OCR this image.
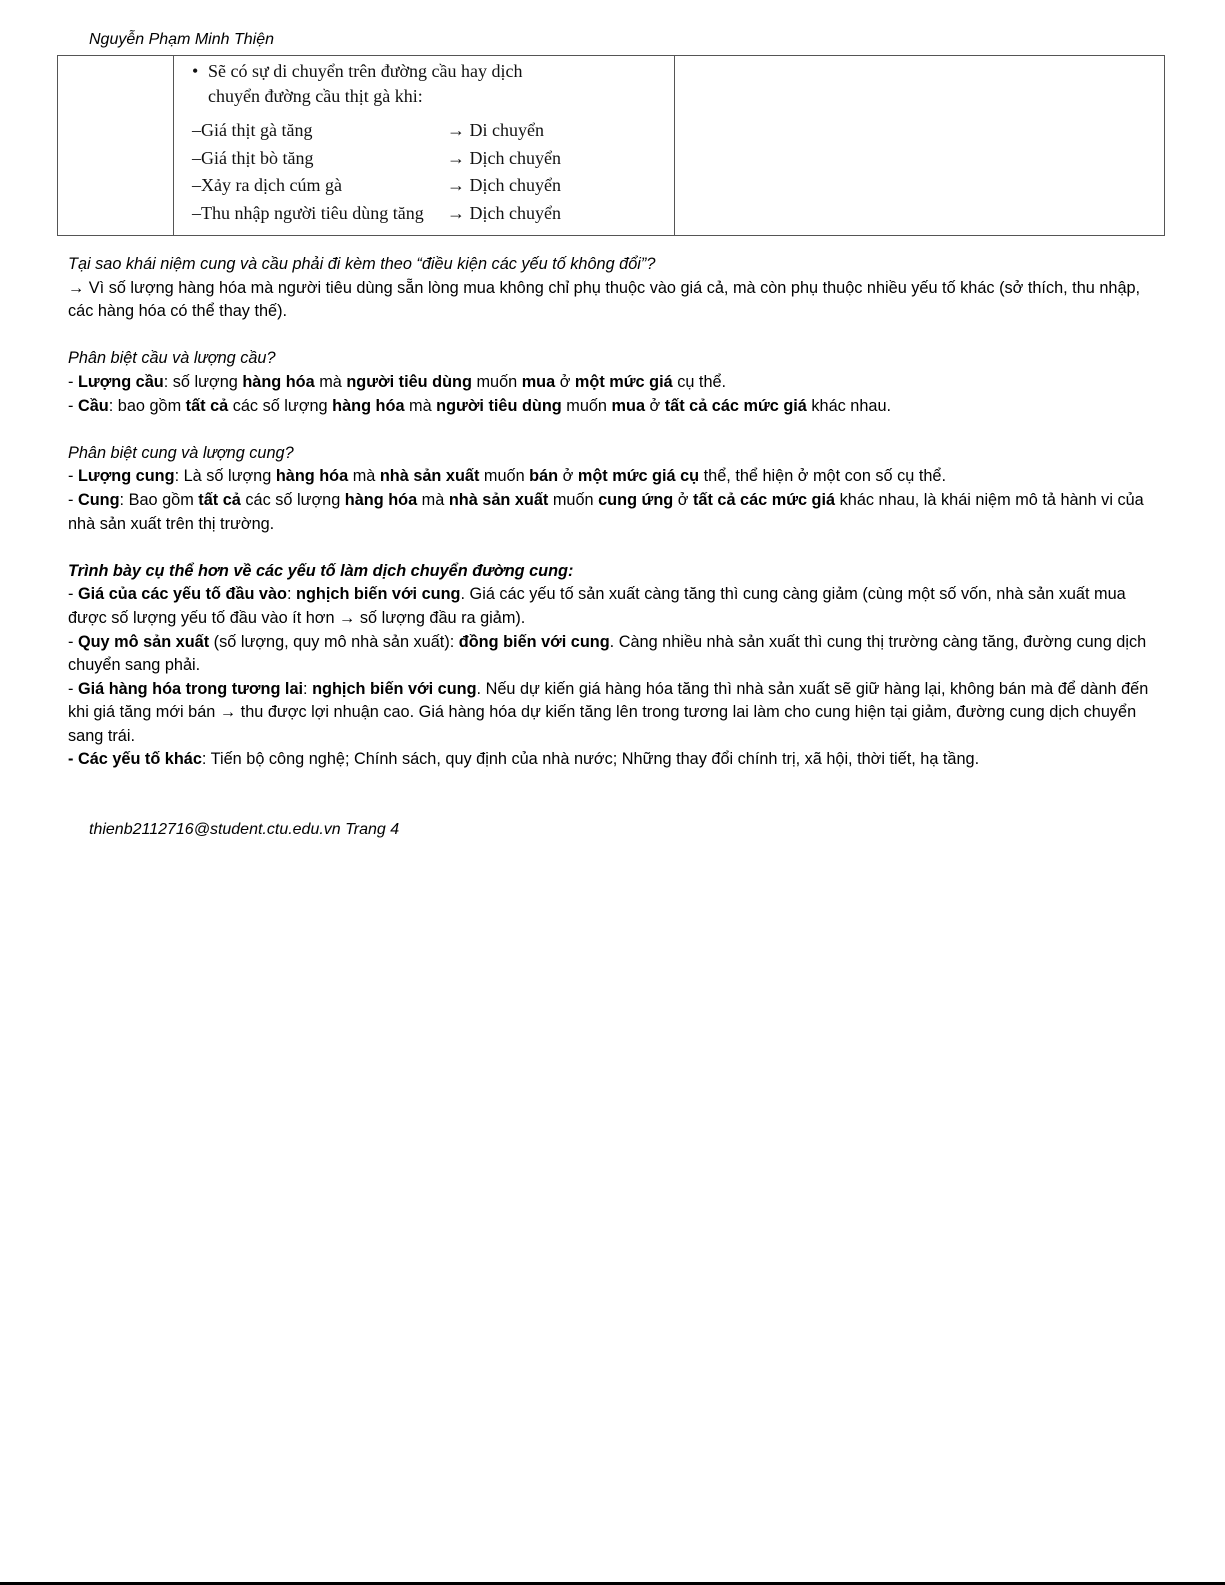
Nguyễn Phạm Minh Thiện

• Sẽ có sự di chuyển trên đường cầu hay dịch
chuyển đường cầu thịt gà khi:
–Giá thịt gà tăng	→ Di chuyển
–Giá thịt bò tăng	→ Dịch chuyển
–Xảy ra dịch cúm gà	→ Dịch chuyển
–Thu nhập người tiêu dùng tăng	→ Dịch chuyển

Tại sao khái niệm cung và cầu phải đi kèm theo “điều kiện các yếu tố không đổi”?

→ Vì số lượng hàng hóa mà người tiêu dùng sẵn lòng mua không chỉ phụ thuộc vào giá cả, mà còn phụ thuộc nhiều yếu tố khác (sở thích, thu nhập, các hàng hóa có thể thay thế).

Phân biệt cầu và lượng cầu?

- Lượng cầu: số lượng hàng hóa mà người tiêu dùng muốn mua ở một mức giá cụ thể.

- Cầu: bao gồm tất cả các số lượng hàng hóa mà người tiêu dùng muốn mua ở tất cả các mức giá khác nhau.

Phân biệt cung và lượng cung?

- Lượng cung: Là số lượng hàng hóa mà nhà sản xuất muốn bán ở một mức giá cụ thể, thể hiện ở một con số cụ thể.

- Cung: Bao gồm tất cả các số lượng hàng hóa mà nhà sản xuất muốn cung ứng ở tất cả các mức giá khác nhau, là khái niệm mô tả hành vi của nhà sản xuất trên thị trường.

Trình bày cụ thể hơn về các yếu tố làm dịch chuyển đường cung:

- Giá của các yếu tố đầu vào: nghịch biến với cung. Giá các yếu tố sản xuất càng tăng thì cung càng giảm (cùng một số vốn, nhà sản xuất mua được số lượng yếu tố đầu vào ít hơn → số lượng đầu ra giảm).

- Quy mô sản xuất (số lượng, quy mô nhà sản xuất): đồng biến với cung. Càng nhiều nhà sản xuất thì cung thị trường càng tăng, đường cung dịch chuyển sang phải.

- Giá hàng hóa trong tương lai: nghịch biến với cung. Nếu dự kiến giá hàng hóa tăng thì nhà sản xuất sẽ giữ hàng lại, không bán mà để dành đến khi giá tăng mới bán → thu được lợi nhuận cao. Giá hàng hóa dự kiến tăng lên trong tương lai làm cho cung hiện tại giảm, đường cung dịch chuyển sang trái.

- Các yếu tố khác: Tiến bộ công nghệ; Chính sách, quy định của nhà nước; Những thay đổi chính trị, xã hội, thời tiết, hạ tầng.

thienb2112716@student.ctu.edu.vn Trang 4
